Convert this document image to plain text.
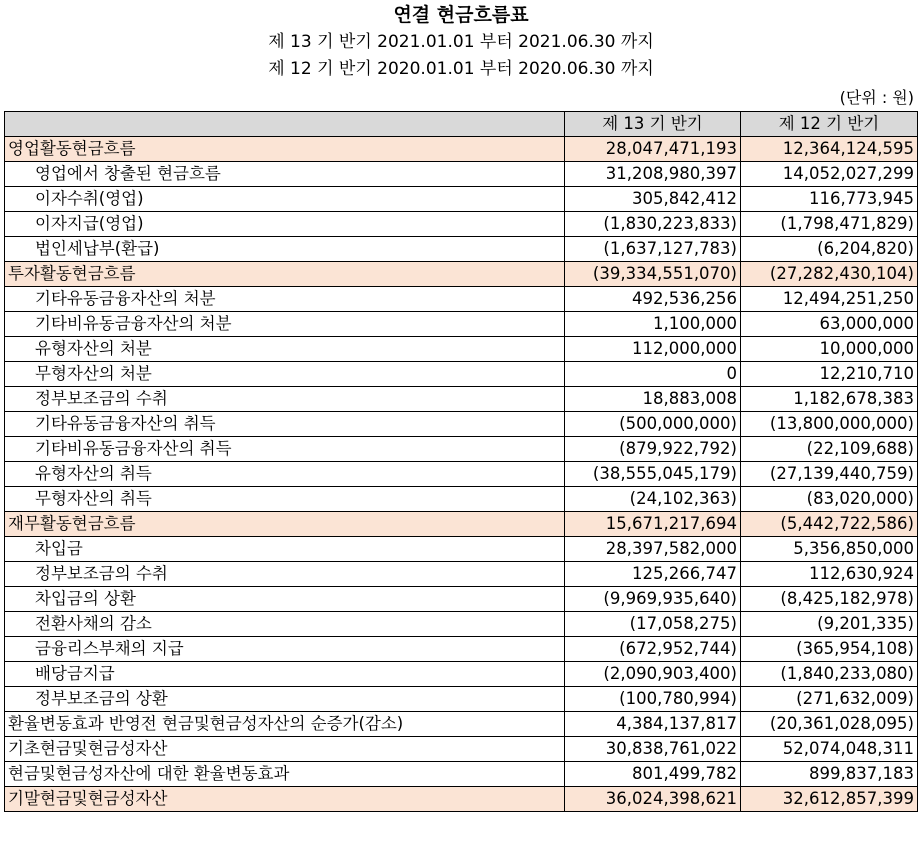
연결 현금흐름표
제 13 기 반기 2021.01.01 부터 2021.06.30 까지
제 12 기 반기 2020.01.01 부터 2020.06.30 까지
(단위 : 원)
	제 13 기 반기	제 12 기 반기
영업활동현금흐름	28,047,471,193	12,364,124,595
영업에서 창출된 현금흐름	31,208,980,397	14,052,027,299
이자수취(영업)	305,842,412	116,773,945
이자지급(영업)	(1,830,223,833)	(1,798,471,829)
법인세납부(환급)	(1,637,127,783)	(6,204,820)
투자활동현금흐름	(39,334,551,070)	(27,282,430,104)
기타유동금융자산의 처분	492,536,256	12,494,251,250
기타비유동금융자산의 처분	1,100,000	63,000,000
유형자산의 처분	112,000,000	10,000,000
무형자산의 처분	0	12,210,710
정부보조금의 수취	18,883,008	1,182,678,383
기타유동금융자산의 취득	(500,000,000)	(13,800,000,000)
기타비유동금융자산의 취득	(879,922,792)	(22,109,688)
유형자산의 취득	(38,555,045,179)	(27,139,440,759)
무형자산의 취득	(24,102,363)	(83,020,000)
재무활동현금흐름	15,671,217,694	(5,442,722,586)
차입금	28,397,582,000	5,356,850,000
정부보조금의 수취	125,266,747	112,630,924
차입금의 상환	(9,969,935,640)	(8,425,182,978)
전환사채의 감소	(17,058,275)	(9,201,335)
금융리스부채의 지급	(672,952,744)	(365,954,108)
배당금지급	(2,090,903,400)	(1,840,233,080)
정부보조금의 상환	(100,780,994)	(271,632,009)
환율변동효과 반영전 현금및현금성자산의 순증가(감소)	4,384,137,817	(20,361,028,095)
기초현금및현금성자산	30,838,761,022	52,074,048,311
현금및현금성자산에 대한 환율변동효과	801,499,782	899,837,183
기말현금및현금성자산	36,024,398,621	32,612,857,399
